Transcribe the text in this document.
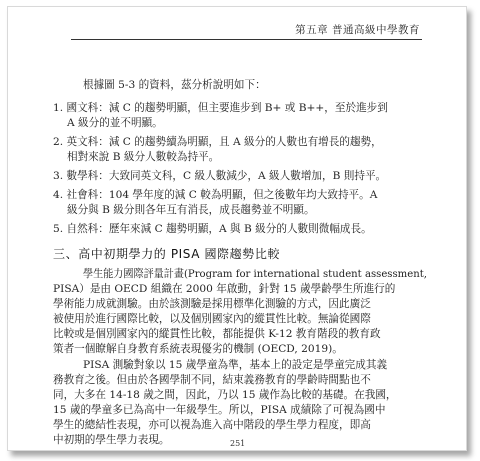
第五章 普通高級中學教育
根據圖 5-3 的資料，茲分析說明如下：
1. 國文科：減 C 的趨勢明顯，但主要進步到 B+ 或 B++，至於進步到
A 級分的並不明顯。
2. 英文科：減 C 的趨勢續為明顯，且 A 級分的人數也有增長的趨勢，
相對來說 B 級分人數較為持平。
3. 數學科：大致同英文科，C 級人數減少，A 級人數增加，B 則持平。
4. 社會科：104 學年度的減 C 較為明顯，但之後數年均大致持平。A
級分與 B 級分則各年互有消長，成長趨勢並不明顯。
5. 自然科：歷年來減 C 趨勢明顯，A 與 B 級分的人數則微幅成長。
三、高中初期學力的 PISA 國際趨勢比較
學生能力國際評量計畫(Program for international student assessment,
PISA）是由 OECD 組織在 2000 年啟動，針對 15 歲學齡學生所進行的
學術能力成就測驗。由於該測驗是採用標準化測驗的方式，因此廣泛
被使用於進行國際比較，以及個別國家內的縱貫性比較。無論從國際
比較或是個別國家內的縱貫性比較，都能提供 K-12 教育階段的教育政
策者一個瞭解自身教育系統表現優劣的機制 (OECD, 2019)。
PISA 測驗對象以 15 歲學童為準，基本上的設定是學童完成其義
務教育之後。但由於各國學制不同，結束義務教育的學齡時間點也不
同，大多在 14-18 歲之間，因此，乃以 15 歲作為比較的基礎。在我國，
15 歲的學童多已為高中一年級學生。所以，PISA 成績除了可視為國中
學生的總結性表現，亦可以視為進入高中階段的學生學力程度，即高
中初期的學生學力表現。	251
